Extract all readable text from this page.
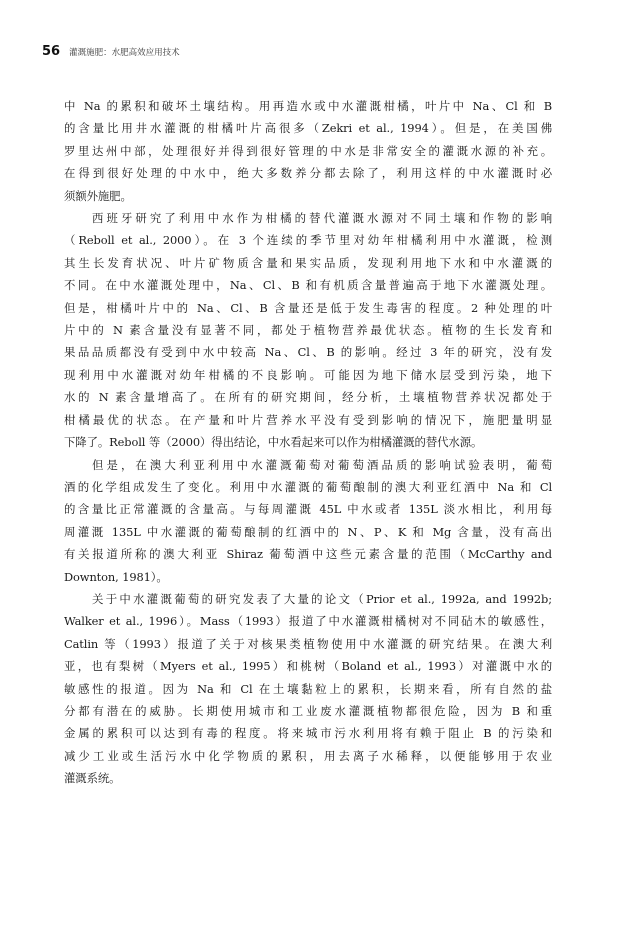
56 灌溉施肥：水肥高效应用技术
中 Na 的累积和破坏土壤结构。用再造水或中水灌溉柑橘，叶片中 Na、Cl 和 B
的含量比用井水灌溉的柑橘叶片高很多（Zekri et al., 1994）。但是，在美国佛
罗里达州中部，处理很好并得到很好管理的中水是非常安全的灌溉水源的补充。
在得到很好处理的中水中，绝大多数养分都去除了，利用这样的中水灌溉时必
须额外施肥。
西班牙研究了利用中水作为柑橘的替代灌溉水源对不同土壤和作物的影响
（Reboll et al., 2000）。在 3 个连续的季节里对幼年柑橘利用中水灌溉，检测
其生长发育状况、叶片矿物质含量和果实品质，发现利用地下水和中水灌溉的
不同。在中水灌溉处理中，Na、Cl、B 和有机质含量普遍高于地下水灌溉处理。
但是，柑橘叶片中的 Na、Cl、B 含量还是低于发生毒害的程度。2 种处理的叶
片中的 N 素含量没有显著不同，都处于植物营养最优状态。植物的生长发育和
果品品质都没有受到中水中较高 Na、Cl、B 的影响。经过 3 年的研究，没有发
现利用中水灌溉对幼年柑橘的不良影响。可能因为地下储水层受到污染，地下
水的 N 素含量增高了。在所有的研究期间，经分析，土壤植物营养状况都处于
柑橘最优的状态。在产量和叶片营养水平没有受到影响的情况下，施肥量明显
下降了。Reboll 等（2000）得出结论，中水看起来可以作为柑橘灌溉的替代水源。
但是，在澳大利亚利用中水灌溉葡萄对葡萄酒品质的影响试验表明，葡萄
酒的化学组成发生了变化。利用中水灌溉的葡萄酿制的澳大利亚红酒中 Na 和 Cl
的含量比正常灌溉的含量高。与每周灌溉 45L 中水或者 135L 淡水相比，利用每
周灌溉 135L 中水灌溉的葡萄酿制的红酒中的 N、P、K 和 Mg 含量，没有高出
有关报道所称的澳大利亚 Shiraz 葡萄酒中这些元素含量的范围（McCarthy and
Downton, 1981）。
关于中水灌溉葡萄的研究发表了大量的论文（Prior et al., 1992a, and 1992b;
Walker et al., 1996）。Mass（1993）报道了中水灌溉柑橘树对不同砧木的敏感性，
Catlin 等（1993）报道了关于对核果类植物使用中水灌溉的研究结果。在澳大利
亚，也有梨树（Myers et al., 1995）和桃树（Boland et al., 1993）对灌溉中水的
敏感性的报道。因为 Na 和 Cl 在土壤黏粒上的累积，长期来看，所有自然的盐
分都有潜在的威胁。长期使用城市和工业废水灌溉植物都很危险，因为 B 和重
金属的累积可以达到有毒的程度。将来城市污水利用将有赖于阻止 B 的污染和
减少工业或生活污水中化学物质的累积，用去离子水稀释，以便能够用于农业
灌溉系统。
